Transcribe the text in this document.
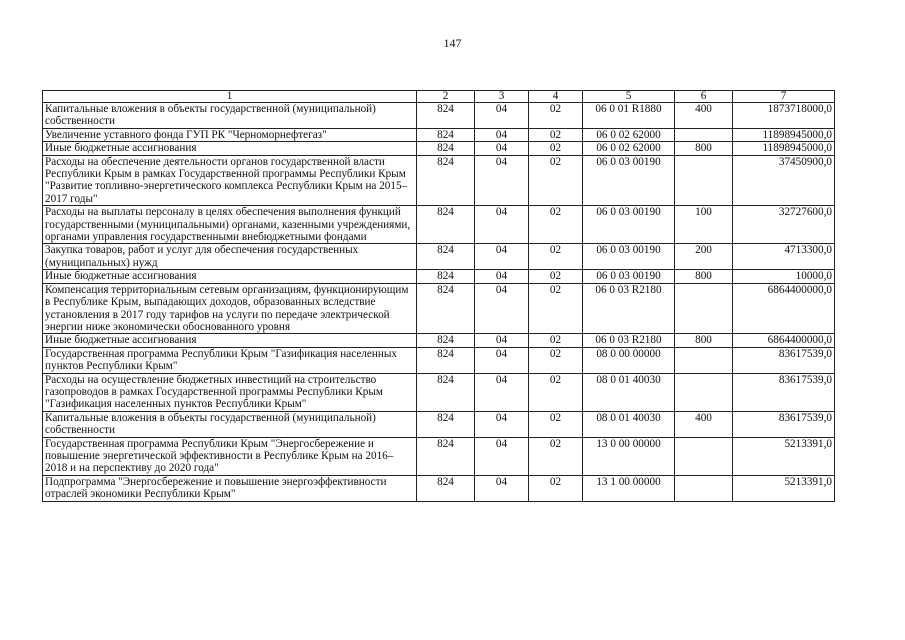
147
1	2	3	4	5	6	7
Капитальные вложения в объекты государственной (муниципальной) собственности	824	04	02	06 0 01 R1880	400	1873718000,0
Увеличение уставного фонда ГУП РК "Черноморнефтегаз"	824	04	02	06 0 02 62000		11898945000,0
Иные бюджетные ассигнования	824	04	02	06 0 02 62000	800	11898945000,0
Расходы на обеспечение деятельности органов государственной власти Республики Крым в рамках Государственной программы Республики Крым "Развитие топливно-энергетического комплекса Республики Крым на 2015–2017 годы"	824	04	02	06 0 03 00190		37450900,0
Расходы на выплаты персоналу в целях обеспечения выполнения функций государственными (муниципальными) органами, казенными учреждениями, органами управления государственными внебюджетными фондами	824	04	02	06 0 03 00190	100	32727600,0
Закупка товаров, работ и услуг для обеспечения государственных (муниципальных) нужд	824	04	02	06 0 03 00190	200	4713300,0
Иные бюджетные ассигнования	824	04	02	06 0 03 00190	800	10000,0
Компенсация территориальным сетевым организациям, функционирующим в Республике Крым, выпадающих доходов, образованных вследствие установления в 2017 году тарифов на услуги по передаче электрической энергии ниже экономически обоснованного уровня	824	04	02	06 0 03 R2180		6864400000,0
Иные бюджетные ассигнования	824	04	02	06 0 03 R2180	800	6864400000,0
Государственная программа Республики Крым "Газификация населенных пунктов Республики Крым"	824	04	02	08 0 00 00000		83617539,0
Расходы на осуществление бюджетных инвестиций на строительство газопроводов в рамках Государственной программы Республики Крым "Газификация населенных пунктов Республики Крым"	824	04	02	08 0 01 40030		83617539,0
Капитальные вложения в объекты государственной (муниципальной) собственности	824	04	02	08 0 01 40030	400	83617539,0
Государственная программа Республики Крым "Энергосбережение и повышение энергетической эффективности в Республике Крым на 2016–2018 и на перспективу до 2020 года"	824	04	02	13 0 00 00000		5213391,0
Подпрограмма "Энергосбережение и повышение энергоэффективности отраслей экономики Республики Крым"	824	04	02	13 1 00 00000		5213391,0
